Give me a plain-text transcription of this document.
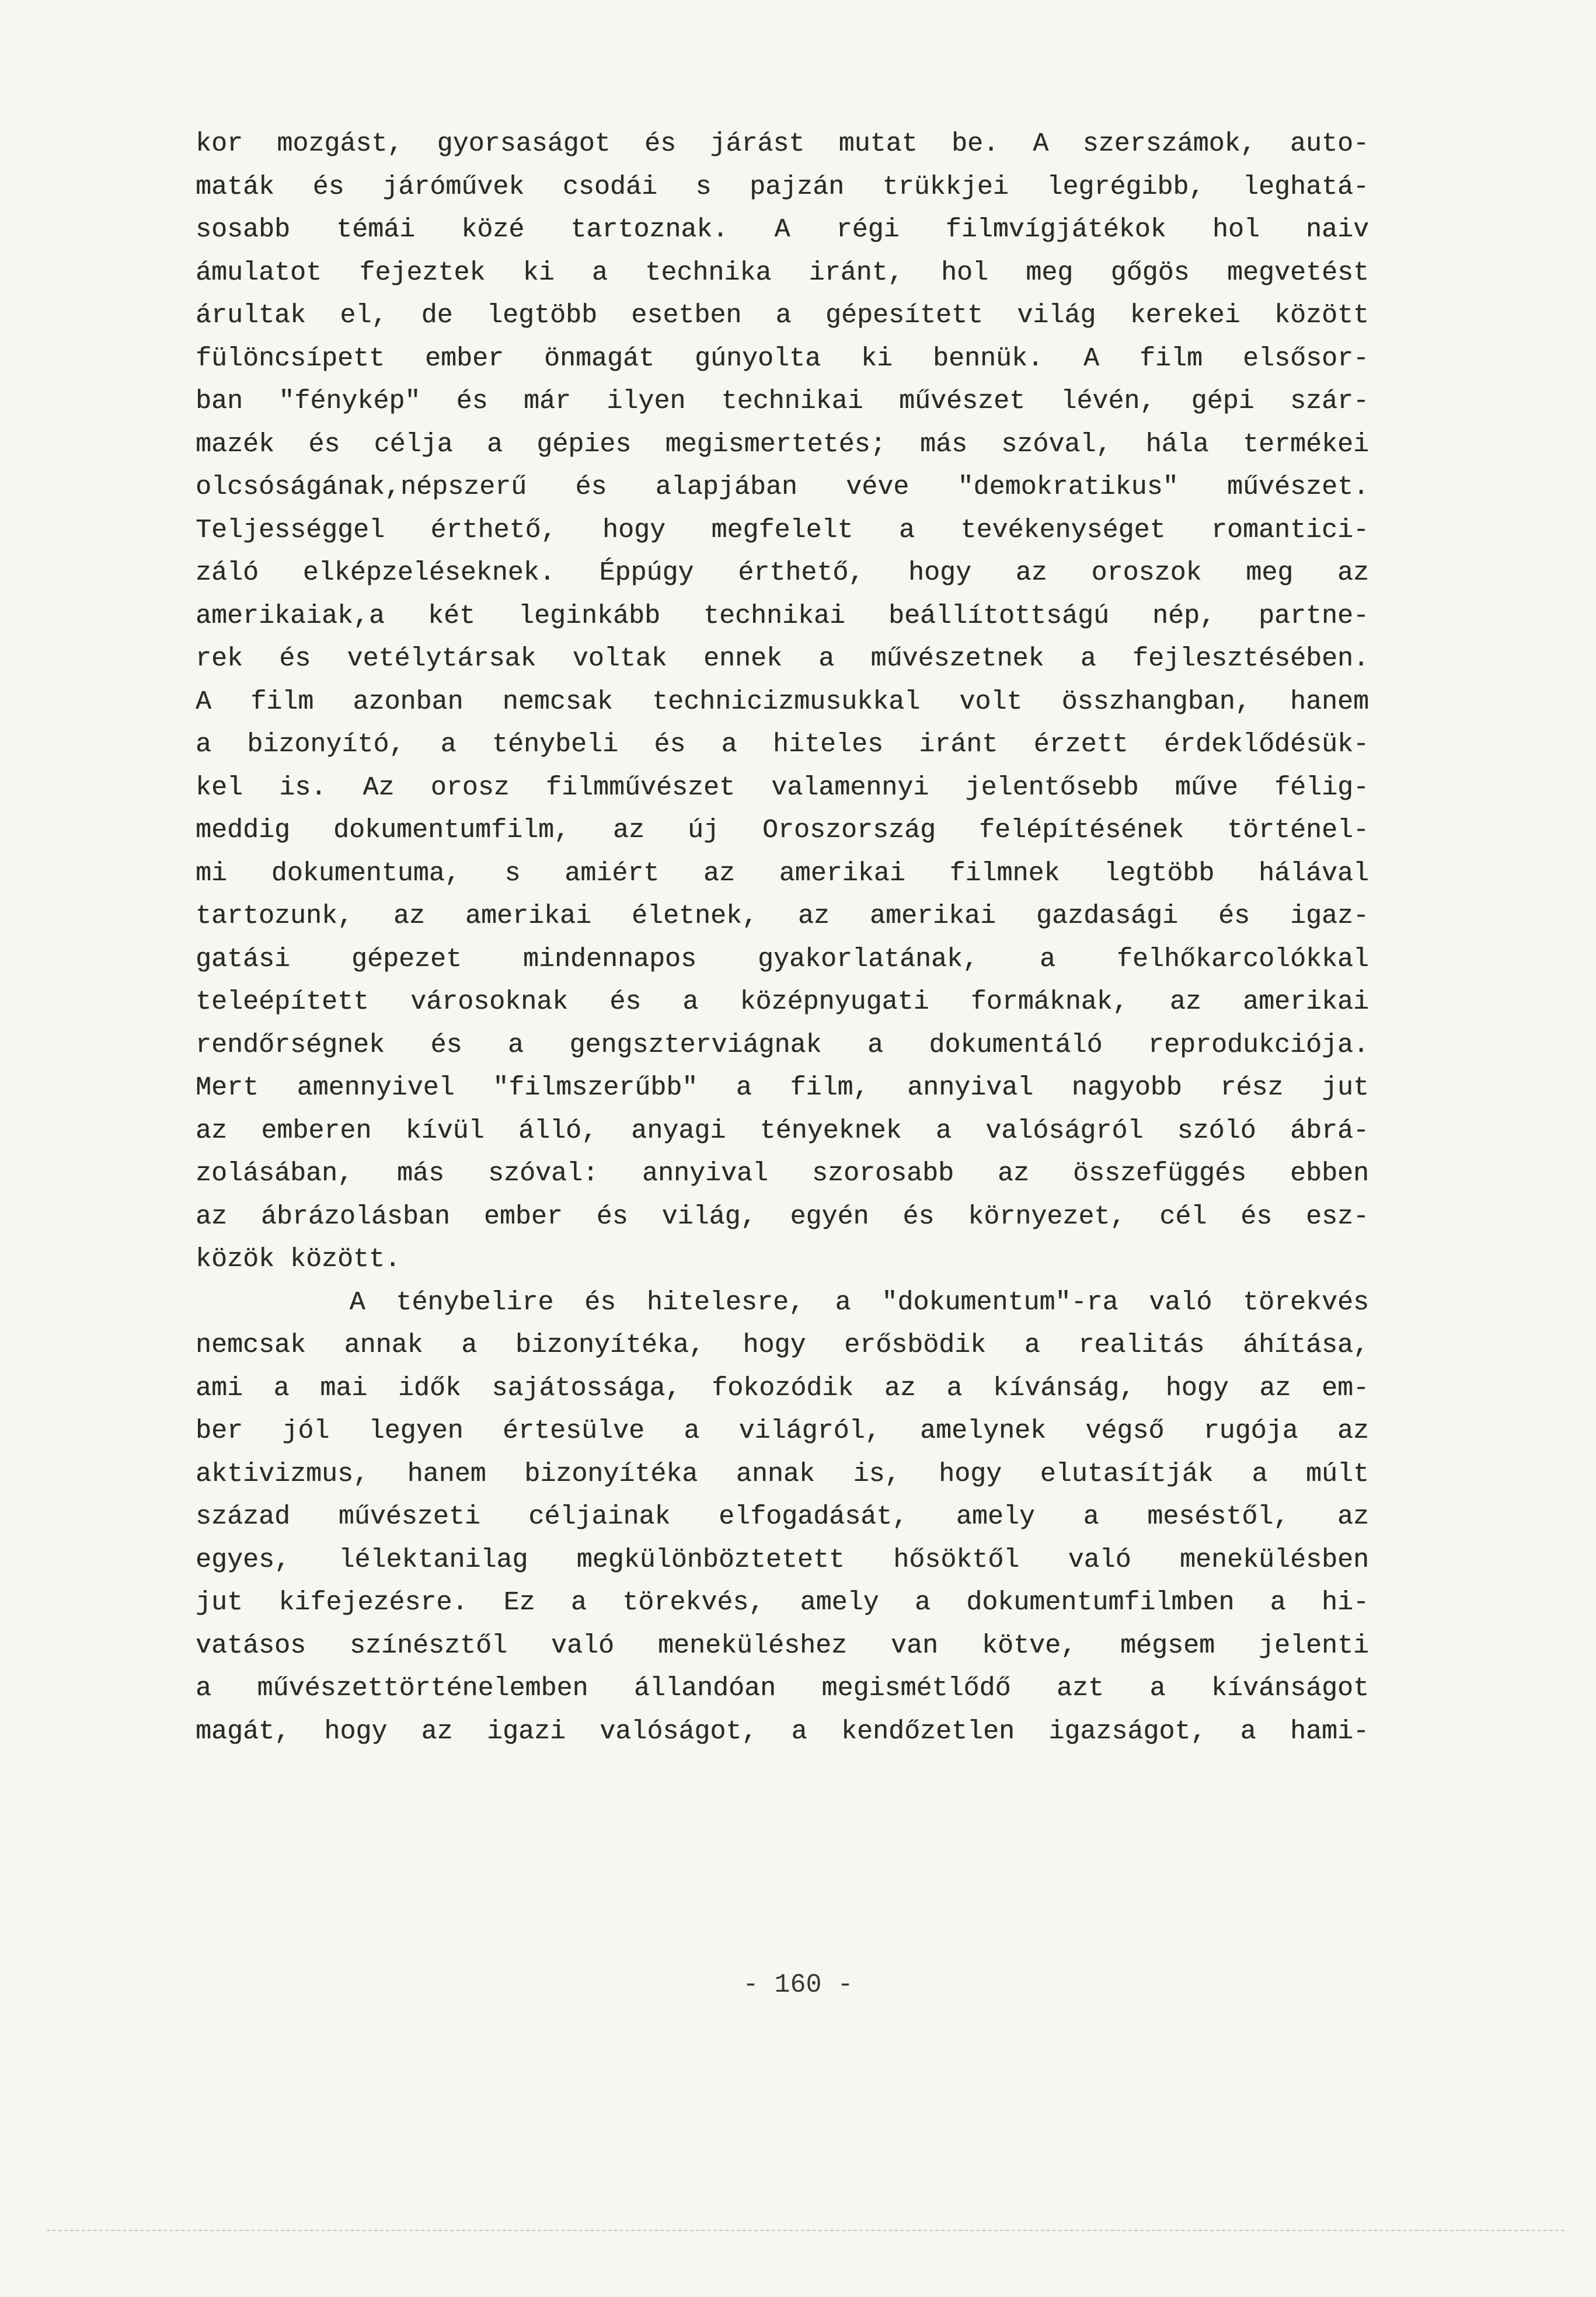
kor mozgást, gyorsaságot és járást mutat be. A szerszámok, auto-
maták és járóművek csodái s pajzán trükkjei legrégibb, leghatá-
sosabb témái közé tartoznak. A régi filmvígjátékok hol naiv
ámulatot fejeztek ki a technika iránt, hol meg gőgös megvetést
árultak el, de legtöbb esetben a gépesített világ kerekei között
fülöncsípett ember önmagát gúnyolta ki bennük. A film elsősor-
ban "fénykép" és már ilyen technikai művészet lévén, gépi szár-
mazék és célja a gépies megismertetés; más szóval, hála termékei
olcsóságának,népszerű és alapjában véve "demokratikus" művészet.
Teljességgel érthető, hogy megfelelt a tevékenységet romantici-
záló elképzeléseknek. Éppúgy érthető, hogy az oroszok meg az
amerikaiak,a két leginkább technikai beállítottságú nép, partne-
rek és vetélytársak voltak ennek a művészetnek a fejlesztésében.
A film azonban nemcsak technicizmusukkal volt összhangban, hanem
a bizonyító, a ténybeli és a hiteles iránt érzett érdeklődésük-
kel is. Az orosz filmművészet valamennyi jelentősebb műve félig-
meddig dokumentumfilm, az új Oroszország felépítésének történel-
mi dokumentuma, s amiért az amerikai filmnek legtöbb hálával
tartozunk, az amerikai életnek, az amerikai gazdasági és igaz-
gatási gépezet mindennapos gyakorlatának, a felhőkarcolókkal
teleépített városoknak és a középnyugati formáknak, az amerikai
rendőrségnek és a gengszterviágnak a dokumentáló reprodukciója.
Mert amennyivel "filmszerűbb" a film, annyival nagyobb rész jut
az emberen kívül álló, anyagi tényeknek a valóságról szóló ábrá-
zolásában, más szóval: annyival szorosabb az összefüggés ebben
az ábrázolásban ember és világ, egyén és környezet, cél és esz-
közök között.
A ténybelire és hitelesre, a "dokumentum"-ra való törekvés
nemcsak annak a bizonyítéka, hogy erősbödik a realitás áhítása,
ami a mai idők sajátossága, fokozódik az a kívánság, hogy az em-
ber jól legyen értesülve a világról, amelynek végső rugója az
aktivizmus, hanem bizonyítéka annak is, hogy elutasítják a múlt
század művészeti céljainak elfogadását, amely a meséstől, az
egyes, lélektanilag megkülönböztetett hősöktől való menekülésben
jut kifejezésre. Ez a törekvés, amely a dokumentumfilmben a hi-
vatásos színésztől való meneküléshez van kötve, mégsem jelenti
a művészettörténelemben állandóan megismétlődő azt a kívánságot
magát, hogy az igazi valóságot, a kendőzetlen igazságot, a hami-
- 160 -
